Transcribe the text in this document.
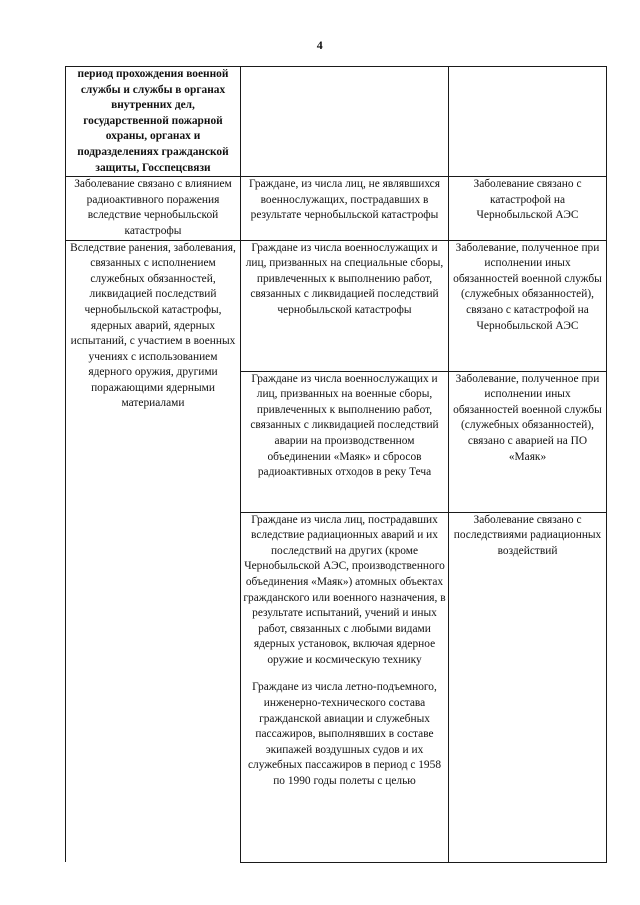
4

период прохождения военной службы и службы в органах внутренних дел, государственной пожарной охраны, органах и подразделениях гражданской защиты, Госспецсвязи		

Заболевание связано с влиянием радиоактивного поражения вследствие чернобыльской катастрофы	Граждане, из числа лиц, не являвшихся военнослужащих, пострадавших в результате чернобыльской катастрофы	Заболевание связано с катастрофой на Чернобыльской АЭС

Вследствие ранения, заболевания, связанных с исполнением служебных обязанностей, ликвидацией последствий чернобыльской катастрофы, ядерных аварий, ядерных испытаний, с участием в военных учениях с использованием ядерного оружия, другими поражающими ядерными материалами	Граждане из числа военнослужащих и лиц, призванных на специальные сборы, привлеченных к выполнению работ, связанных с ликвидацией последствий чернобыльской катастрофы	Заболевание, полученное при исполнении иных обязанностей военной службы (служебных обязанностей), связано с катастрофой на Чернобыльской АЭС

	Граждане из числа военнослужащих и лиц, призванных на военные сборы, привлеченных к выполнению работ, связанных с ликвидацией последствий аварии на производственном объединении «Маяк» и сбросов радиоактивных отходов в реку Теча	Заболевание, полученное при исполнении иных обязанностей военной службы (служебных обязанностей), связано с аварией на ПО «Маяк»

	Граждане из числа лиц, пострадавших вследствие радиационных аварий и их последствий на других (кроме Чернобыльской АЭС, производственного объединения «Маяк») атомных объектах гражданского или военного назначения, в результате испытаний, учений и иных работ, связанных с любыми видами ядерных установок, включая ядерное оружие и космическую технику

Граждане из числа летно-подъемного, инженерно-технического состава гражданской авиации и служебных пассажиров, выполнявших в составе экипажей воздушных судов и их служебных пассажиров в период с 1958 по 1990 годы полеты с целью	Заболевание связано с последствиями радиационных воздействий
